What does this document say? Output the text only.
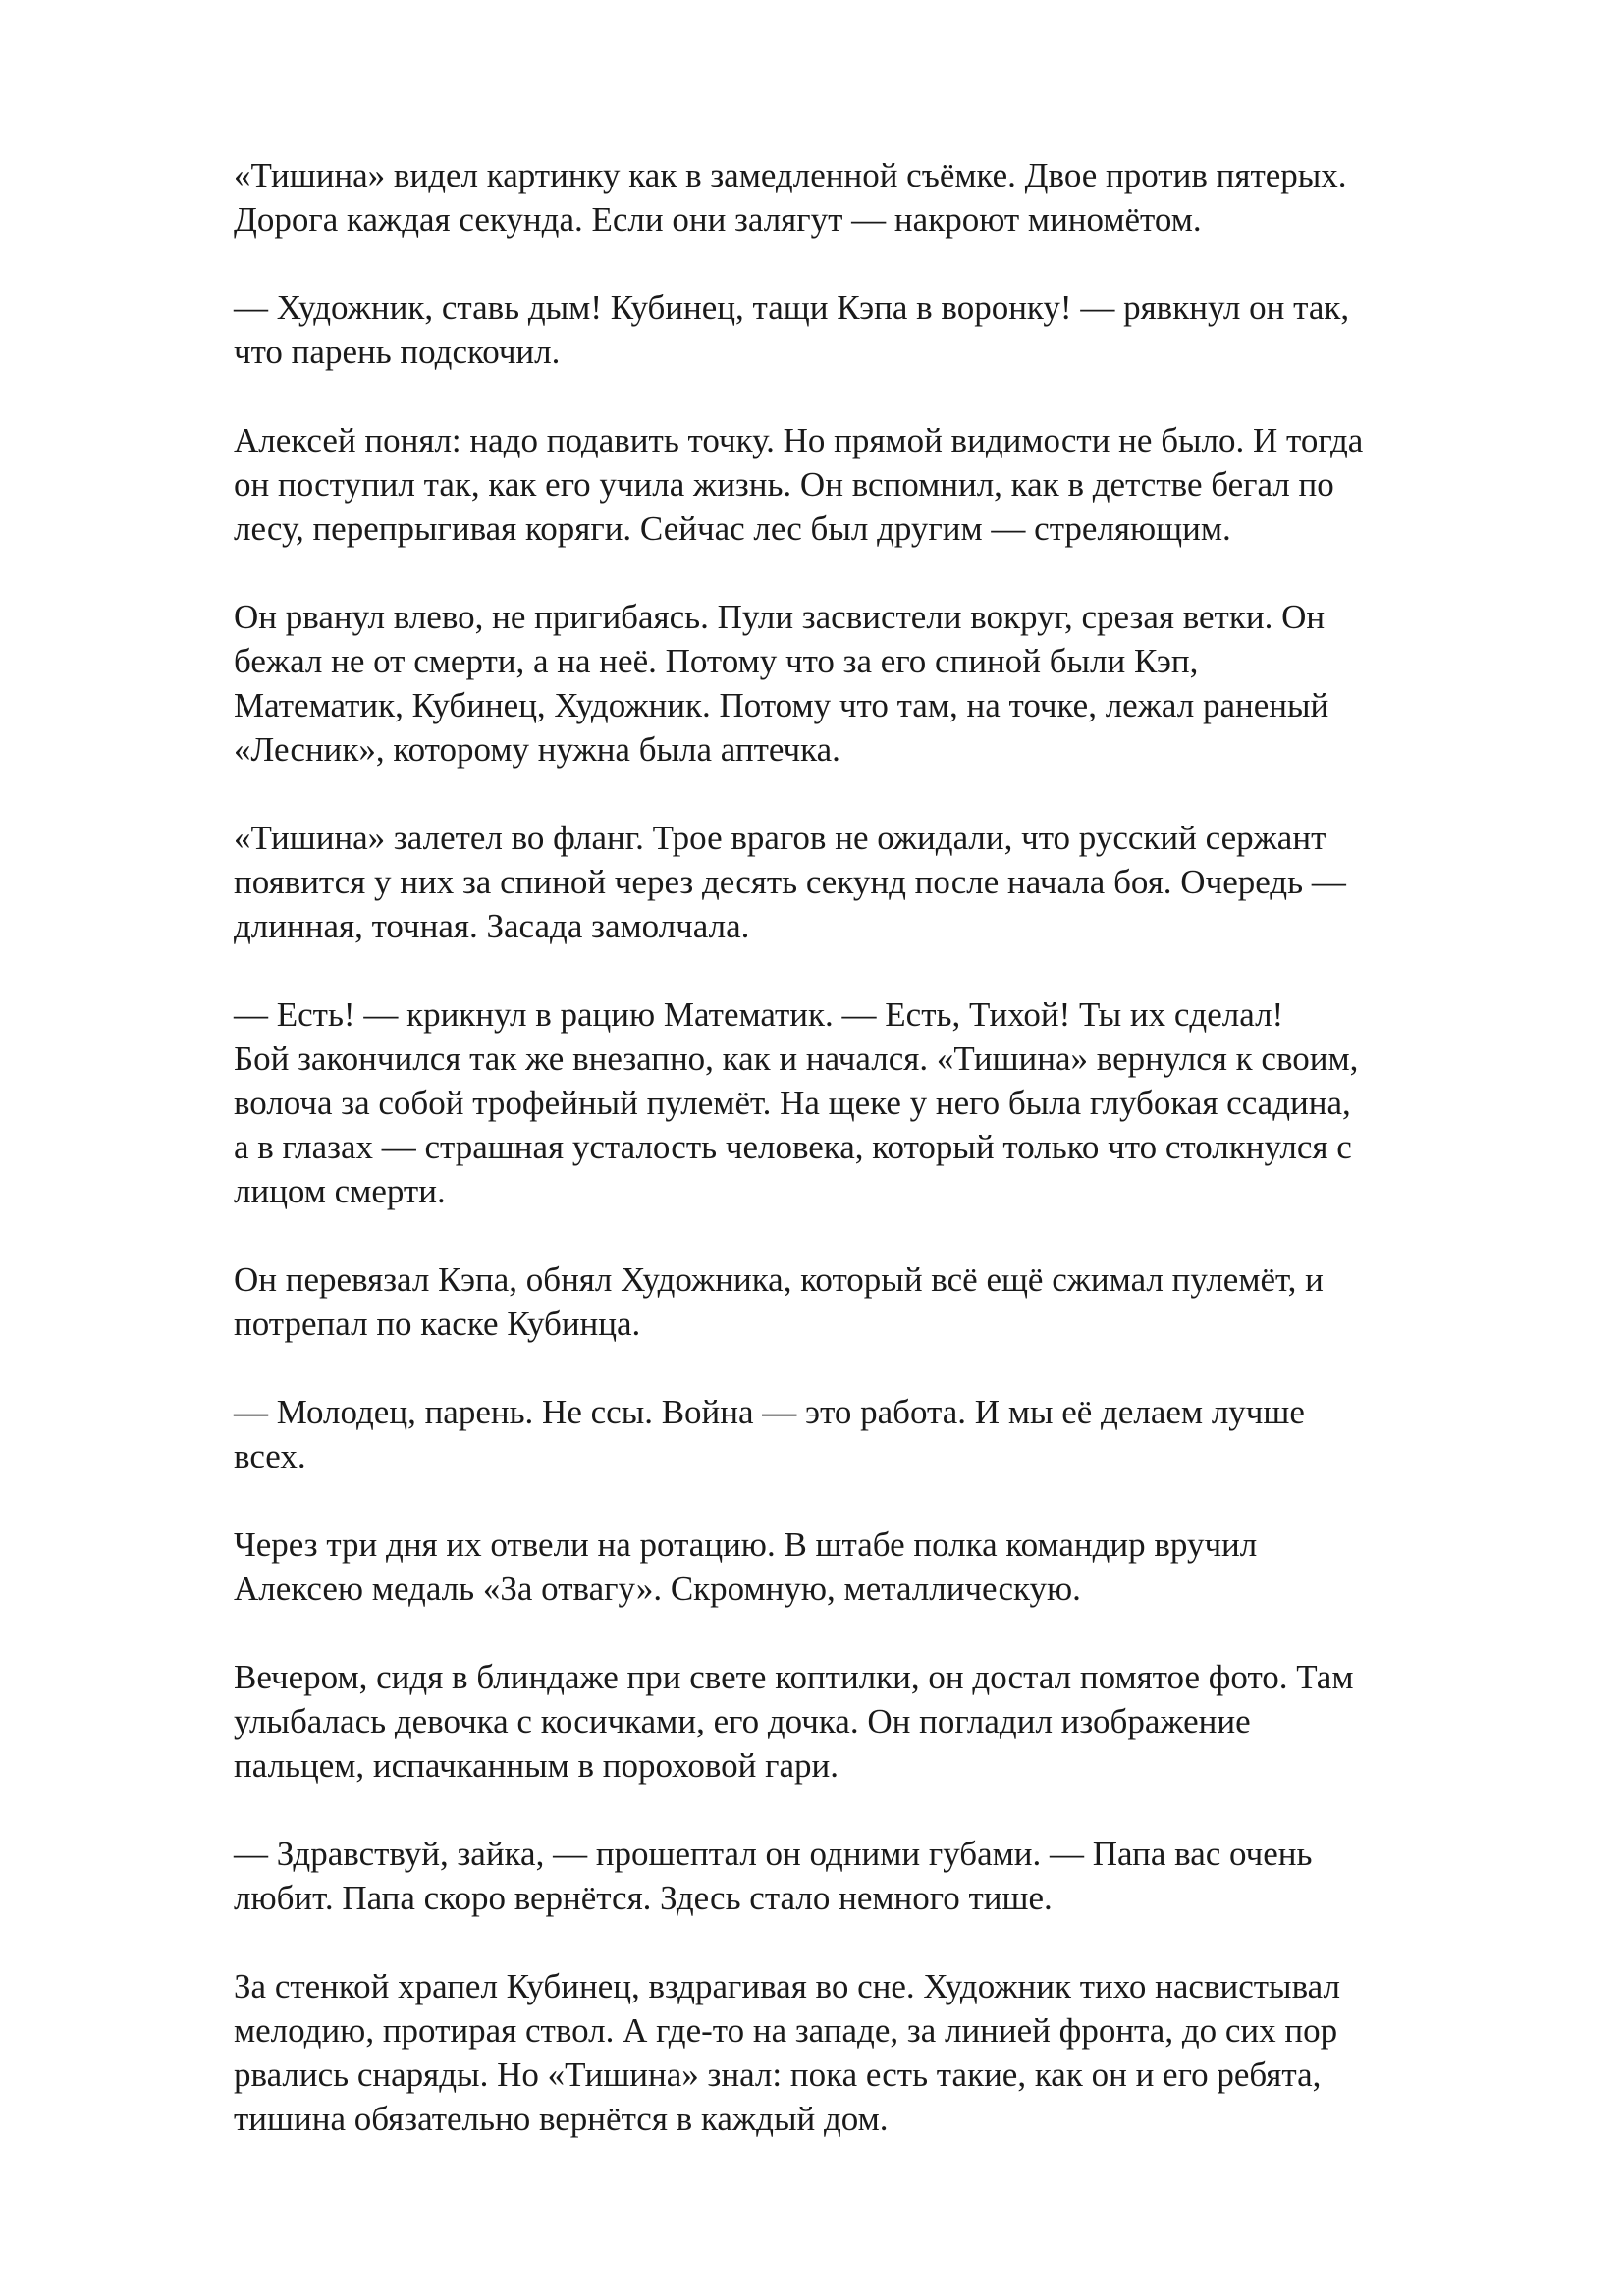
«Тишина» видел картинку как в замедленной съёмке. Двое против пятерых.
Дорога каждая секунда. Если они залягут — накроют миномётом.

— Художник, ставь дым! Кубинец, тащи Кэпа в воронку! — рявкнул он так,
что парень подскочил.

Алексей понял: надо подавить точку. Но прямой видимости не было. И тогда
он поступил так, как его учила жизнь. Он вспомнил, как в детстве бегал по
лесу, перепрыгивая коряги. Сейчас лес был другим — стреляющим.

Он рванул влево, не пригибаясь. Пули засвистели вокруг, срезая ветки. Он
бежал не от смерти, а на неё. Потому что за его спиной были Кэп,
Математик, Кубинец, Художник. Потому что там, на точке, лежал раненый
«Лесник», которому нужна была аптечка.

«Тишина» залетел во фланг. Трое врагов не ожидали, что русский сержант
появится у них за спиной через десять секунд после начала боя. Очередь —
длинная, точная. Засада замолчала.

— Есть! — крикнул в рацию Математик. — Есть, Тихой! Ты их сделал!
Бой закончился так же внезапно, как и начался. «Тишина» вернулся к своим,
волоча за собой трофейный пулемёт. На щеке у него была глубокая ссадина,
а в глазах — страшная усталость человека, который только что столкнулся с
лицом смерти.

Он перевязал Кэпа, обнял Художника, который всё ещё сжимал пулемёт, и
потрепал по каске Кубинца.

— Молодец, парень. Не ссы. Война — это работа. И мы её делаем лучше
всех.

Через три дня их отвели на ротацию. В штабе полка командир вручил
Алексею медаль «За отвагу». Скромную, металлическую.

Вечером, сидя в блиндаже при свете коптилки, он достал помятое фото. Там
улыбалась девочка с косичками, его дочка. Он погладил изображение
пальцем, испачканным в пороховой гари.

— Здравствуй, зайка, — прошептал он одними губами. — Папа вас очень
любит. Папа скоро вернётся. Здесь стало немного тише.

За стенкой храпел Кубинец, вздрагивая во сне. Художник тихо насвистывал
мелодию, протирая ствол. А где-то на западе, за линией фронта, до сих пор
рвались снаряды. Но «Тишина» знал: пока есть такие, как он и его ребята,
тишина обязательно вернётся в каждый дом.
